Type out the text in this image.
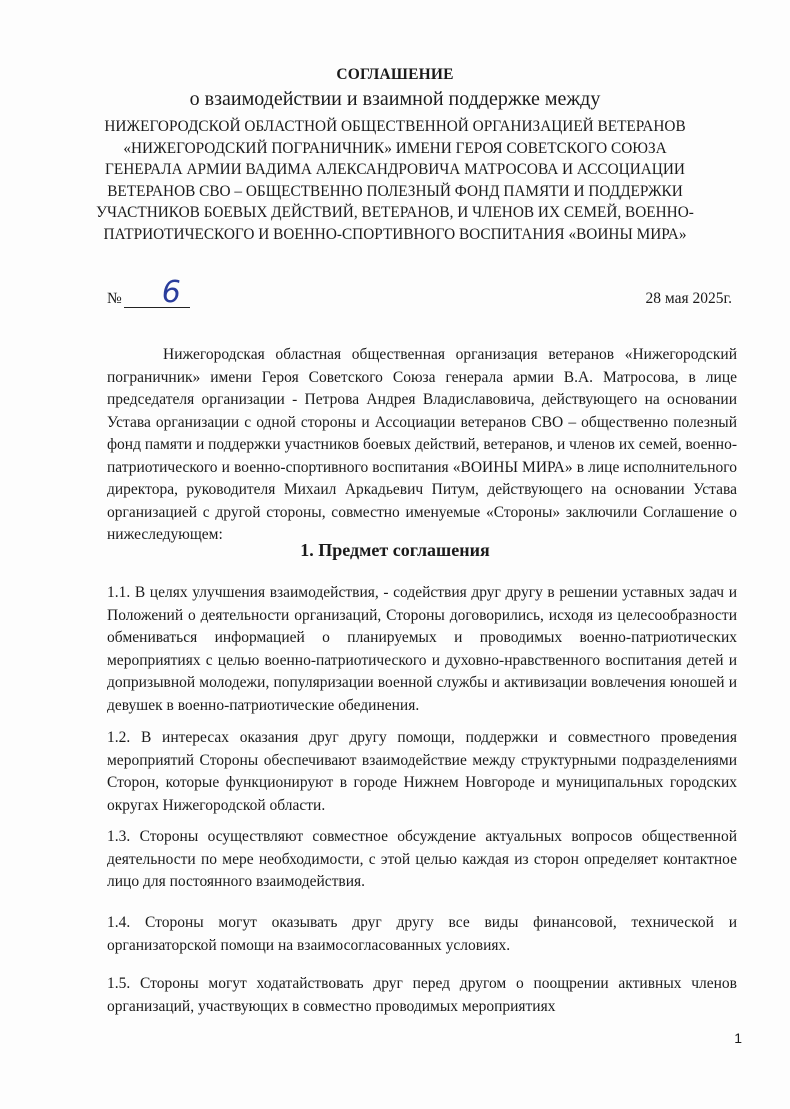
СОГЛАШЕНИЕ
о взаимодействии и взаимной поддержке между
НИЖЕГОРОДСКОЙ ОБЛАСТНОЙ ОБЩЕСТВЕННОЙ ОРГАНИЗАЦИЕЙ ВЕТЕРАНОВ «НИЖЕГОРОДСКИЙ ПОГРАНИЧНИК» ИМЕНИ ГЕРОЯ СОВЕТСКОГО СОЮЗА ГЕНЕРАЛА АРМИИ ВАДИМА АЛЕКСАНДРОВИЧА МАТРОСОВА И АССОЦИАЦИИ ВЕТЕРАНОВ СВО – ОБЩЕСТВЕННО ПОЛЕЗНЫЙ ФОНД ПАМЯТИ И ПОДДЕРЖКИ УЧАСТНИКОВ БОЕВЫХ ДЕЙСТВИЙ, ВЕТЕРАНОВ, И ЧЛЕНОВ ИХ СЕМЕЙ, ВОЕННО-ПАТРИОТИЧЕСКОГО И ВОЕННО-СПОРТИВНОГО ВОСПИТАНИЯ «ВОИНЫ МИРА»
№ 6	28 мая 2025г.
Нижегородская областная общественная организация ветеранов «Нижегородский пограничник» имени Героя Советского Союза генерала армии В.А. Матросова, в лице председателя организации - Петрова Андрея Владиславовича, действующего на основании Устава организации с одной стороны и Ассоциации ветеранов СВО – общественно полезный фонд памяти и поддержки участников боевых действий, ветеранов, и членов их семей, военно-патриотического и военно-спортивного воспитания «ВОИНЫ МИРА» в лице исполнительного директора, руководителя Михаил Аркадьевич Питум, действующего на основании Устава организацией с другой стороны, совместно именуемые «Стороны» заключили Соглашение о нижеследующем:
1. Предмет соглашения
1.1. В целях улучшения взаимодействия, - содействия друг другу в решении уставных задач и Положений о деятельности организаций, Стороны договорились, исходя из целесообразности обмениваться информацией о планируемых и проводимых военно-патриотических мероприятиях с целью военно-патриотического и духовно-нравственного воспитания детей и допризывной молодежи, популяризации военной службы и активизации вовлечения юношей и девушек в военно-патриотические обединения.
1.2. В интересах оказания друг другу помощи, поддержки и совместного проведения мероприятий Стороны обеспечивают взаимодействие между структурными подразделениями Сторон, которые функционируют в городе Нижнем Новгороде и муниципальных городских округах Нижегородской области.
1.3. Стороны осуществляют совместное обсуждение актуальных вопросов общественной деятельности по мере необходимости, с этой целью каждая из сторон определяет контактное лицо для постоянного взаимодействия.
1.4. Стороны могут оказывать друг другу все виды финансовой, технической и организаторской помощи на взаимосогласованных условиях.
1.5. Стороны могут ходатайствовать друг перед другом о поощрении активных членов организаций, участвующих в совместно проводимых мероприятиях
1
